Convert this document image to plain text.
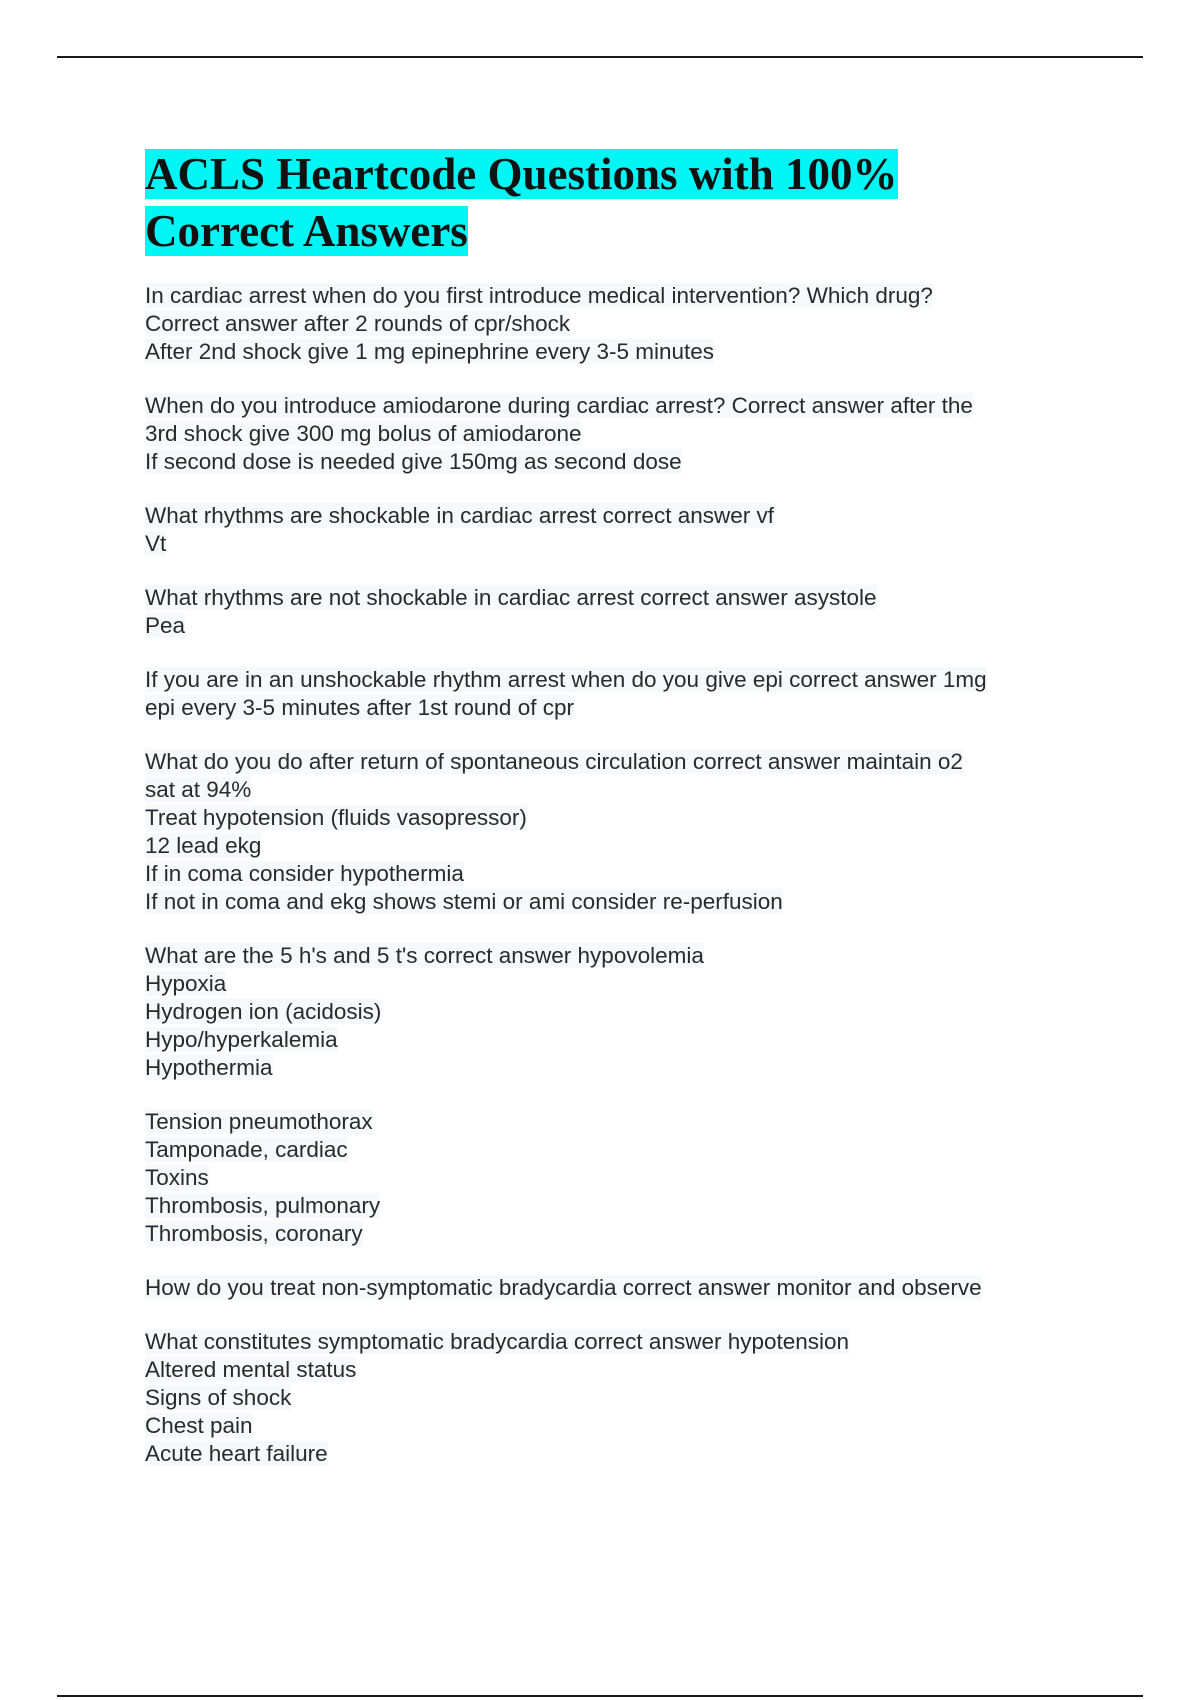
ACLS Heartcode Questions with 100%
Correct Answers
In cardiac arrest when do you first introduce medical intervention? Which drug?
Correct answer after 2 rounds of cpr/shock
After 2nd shock give 1 mg epinephrine every 3-5 minutes
When do you introduce amiodarone during cardiac arrest? Correct answer after the
3rd shock give 300 mg bolus of amiodarone
If second dose is needed give 150mg as second dose
What rhythms are shockable in cardiac arrest correct answer vf
Vt
What rhythms are not shockable in cardiac arrest correct answer asystole
Pea
If you are in an unshockable rhythm arrest when do you give epi correct answer 1mg
epi every 3-5 minutes after 1st round of cpr
What do you do after return of spontaneous circulation correct answer maintain o2
sat at 94%
Treat hypotension (fluids vasopressor)
12 lead ekg
If in coma consider hypothermia
If not in coma and ekg shows stemi or ami consider re-perfusion
What are the 5 h's and 5 t's correct answer hypovolemia
Hypoxia
Hydrogen ion (acidosis)
Hypo/hyperkalemia
Hypothermia
Tension pneumothorax
Tamponade, cardiac
Toxins
Thrombosis, pulmonary
Thrombosis, coronary
How do you treat non-symptomatic bradycardia correct answer monitor and observe
What constitutes symptomatic bradycardia correct answer hypotension
Altered mental status
Signs of shock
Chest pain
Acute heart failure
